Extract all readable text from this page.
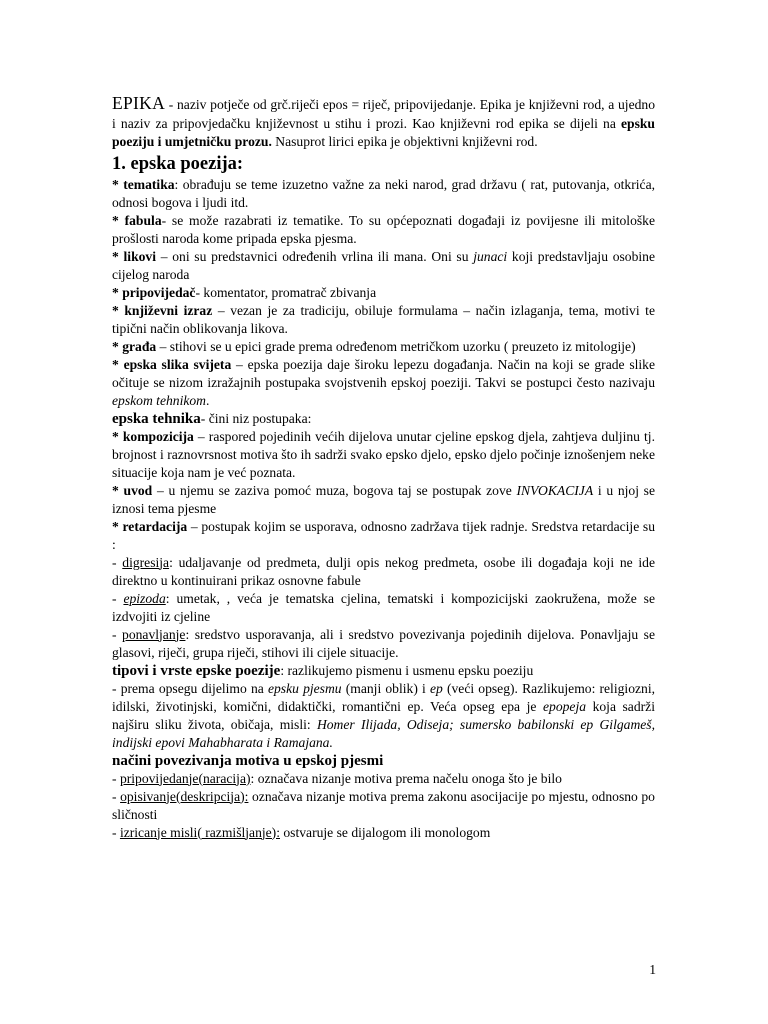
EPIKA - naziv potječe od grč.riječi epos = riječ, pripovijedanje. Epika je književni rod, a ujedno i naziv za pripovjedačku književnost u stihu i prozi. Kao književni rod epika se dijeli na epsku poeziju i umjetničku prozu. Nasuprot lirici epika je objektivni književni rod.

1. epska poezija:

* tematika: obrađuju se teme izuzetno važne za neki narod, grad državu ( rat, putovanja, otkrića, odnosi bogova i ljudi itd.

* fabula- se može razabrati iz tematike. To su općepoznati događaji iz povijesne ili mitološke prošlosti naroda kome pripada epska pjesma.

* likovi – oni su predstavnici određenih vrlina ili mana. Oni su junaci koji predstavljaju osobine cijelog naroda

* pripovijedač- komentator, promatrač zbivanja

* književni izraz – vezan je za tradiciju, obiluje formulama – način izlaganja, tema, motivi te tipični način oblikovanja likova.

* građa – stihovi se u epici grade prema određenom metričkom uzorku ( preuzeto iz mitologije)

* epska slika svijeta – epska poezija daje široku lepezu događanja. Način na koji se grade slike očituje se nizom izražajnih postupaka svojstvenih epskoj poeziji. Takvi se postupci često nazivaju epskom tehnikom.

epska tehnika- čini niz postupaka:

* kompozicija – raspored pojedinih većih dijelova unutar cjeline epskog djela, zahtjeva duljinu tj. brojnost i raznovrsnost motiva što ih sadrži svako epsko djelo, epsko djelo počinje iznošenjem neke situacije koja nam je već poznata.

* uvod – u njemu se zaziva pomoć muza, bogova taj se postupak zove INVOKACIJA i u njoj se iznosi tema pjesme

* retardacija – postupak kojim se usporava, odnosno zadržava tijek radnje. Sredstva retardacije su :

- digresija: udaljavanje od predmeta, dulji opis nekog predmeta, osobe ili događaja koji ne ide direktno u kontinuirani prikaz osnovne fabule

- epizoda: umetak, , veća je tematska cjelina, tematski i kompozicijski zaokružena, može se izdvojiti iz cjeline

- ponavljanje: sredstvo usporavanja, ali i sredstvo povezivanja pojedinih dijelova. Ponavljaju se glasovi, riječi, grupa riječi, stihovi ili cijele situacije.

tipovi i vrste epske poezije: razlikujemo pismenu i usmenu epsku poeziju

- prema opsegu dijelimo na epsku pjesmu (manji oblik) i ep (veći opseg). Razlikujemo: religiozni, idilski, životinjski, komični, didaktički, romantični ep. Veća opseg epa je epopeja koja sadrži najširu sliku života, običaja, misli: Homer Ilijada, Odiseja; sumersko babilonski ep Gilgameš, indijski epovi Mahabharata i Ramajana.

načini povezivanja motiva u epskoj pjesmi

- pripovijedanje(naracija): označava nizanje motiva prema načelu onoga što je bilo

- opisivanje(deskripcija): označava nizanje motiva prema zakonu asocijacije po mjestu, odnosno po sličnosti

- izricanje misli( razmišljanje): ostvaruje se dijalogom ili monologom

1
